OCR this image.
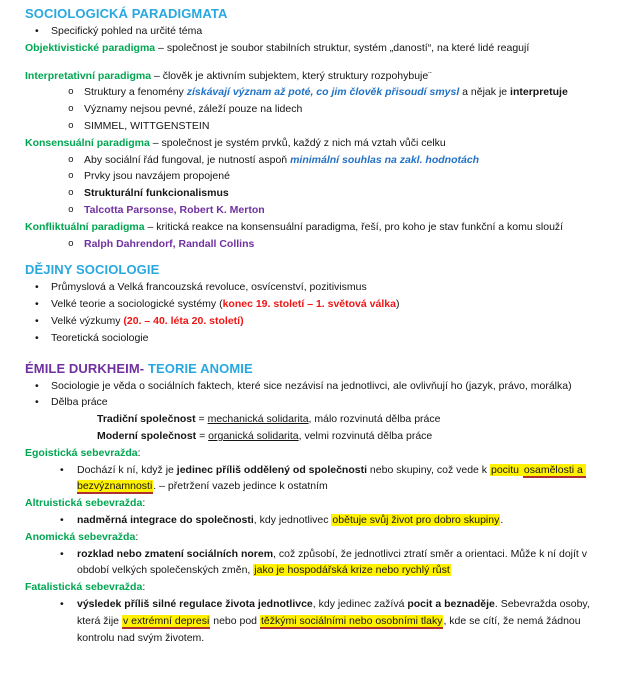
SOCIOLOGICKÁ PARADIGMATA
•	Specifický pohled na určité téma
Objektivistické paradigma – společnost je soubor stabilních struktur, systém „daností“, na které lidé reagují
Interpretativní paradigma – člověk je aktivním subjektem, který struktury rozpohybuje¨
o Struktury a fenomény získávají význam až poté, co jim člověk přisoudí smysl a nějak je interpretuje
o Významy nejsou pevné, záleží pouze na lidech
o SIMMEL, WITTGENSTEIN
Konsensuální paradigma – společnost je systém prvků, každý z nich má vztah vůči celku
o Aby sociální řád fungoval, je nutností aspoň minimální souhlas na zakl. hodnotách
o Prvky jsou navzájem propojené
o Strukturální funkcionalismus
o Talcotta Parsonse, Robert K. Merton
Konfliktuální paradigma – kritická reakce na konsensuální paradigma, řeší, pro koho je stav funkční a komu slouží
o Ralph Dahrendorf, Randall Collins
DĚJINY SOCIOLOGIE
•	Průmyslová a Velká francouzská revoluce, osvícenství, pozitivismus
•	Velké teorie a sociologické systémy (konec 19. století – 1. světová válka)
•	Velké výzkumy (20. – 40. léta 20. století)
•	Teoretická sociologie
ÉMILE DURKHEIM- TEORIE ANOMIE
•	Sociologie je věda o sociálních faktech, které sice nezávisí na jednotlivci, ale ovlivňují ho (jazyk, právo, morálka)
•	Dělba práce
Tradiční společnost = mechanická solidarita, málo rozvinutá dělba práce
Moderní společnost = organická solidarita, velmi rozvinutá dělba práce
Egoistická sebevražda:
•	Dochází k ní, když je jedinec příliš oddělený od společnosti nebo skupiny, což vede k pocitu osamělosti a bezvýznamnosti. – přetržení vazeb jedince k ostatním
Altruistická sebevražda:
•	nadměrná integrace do společnosti, kdy jednotlivec obětuje svůj život pro dobro skupiny.
Anomická sebevražda:
•	rozklad nebo zmatení sociálních norem, což způsobí, že jednotlivci ztratí směr a orientaci. Může k ní dojít v období velkých společenských změn, jako je hospodářská krize nebo rychlý růst
Fatalistická sebevražda:
•	výsledek příliš silné regulace života jednotlivce, kdy jedinec zažívá pocit a beznaděje. Sebevražda osoby, která žije v extrémní depresi nebo pod těžkými sociálními nebo osobními tlaky, kde se cítí, že nemá žádnou kontrolu nad svým životem.
